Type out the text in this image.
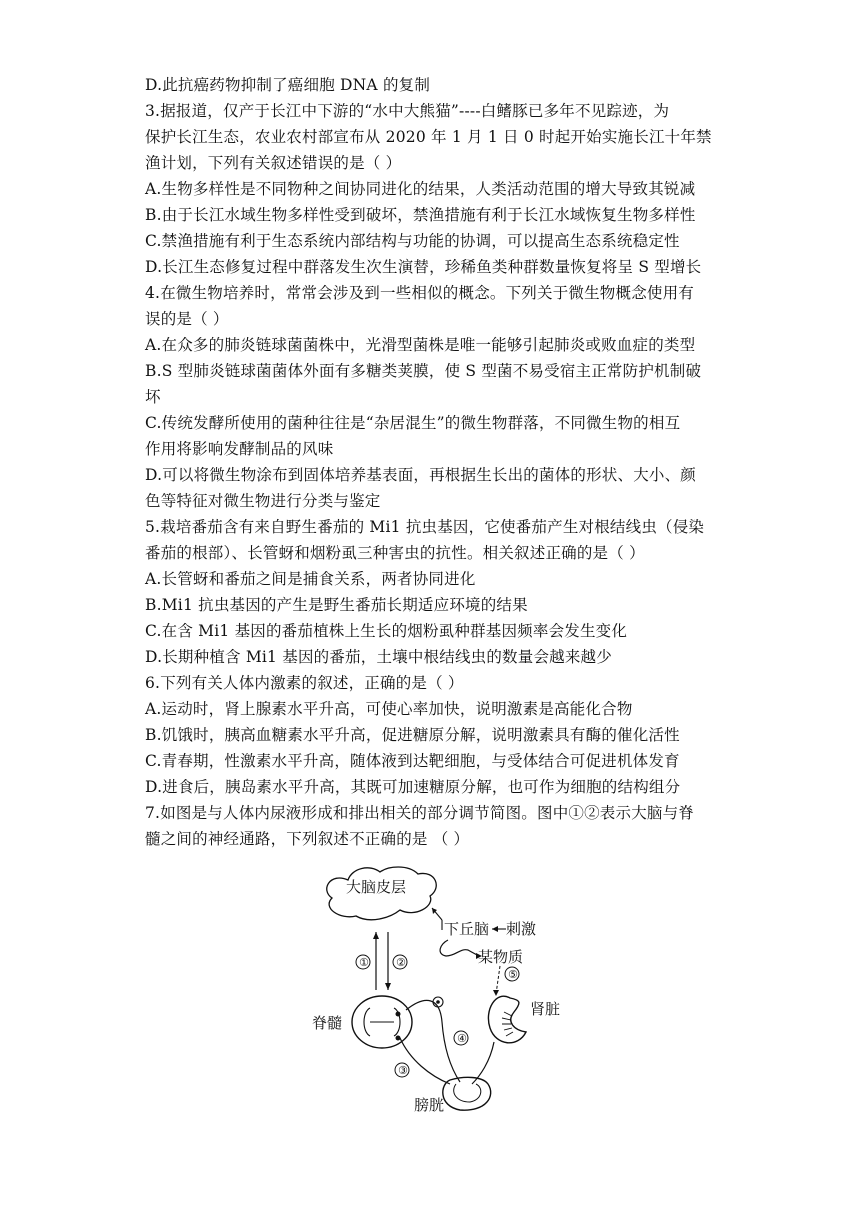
D.此抗癌药物抑制了癌细胞 DNA 的复制
3.据报道，仅产于长江中下游的“水中大熊猫”----白鳍豚已多年不见踪迹，为
保护长江生态，农业农村部宣布从 2020 年 1 月 1 日 0 时起开始实施长江十年禁
渔计划，下列有关叙述错误的是（ ）
A.生物多样性是不同物种之间协同进化的结果，人类活动范围的增大导致其锐减
B.由于长江水域生物多样性受到破坏，禁渔措施有利于长江水域恢复生物多样性
C.禁渔措施有利于生态系统内部结构与功能的协调，可以提高生态系统稳定性
D.长江生态修复过程中群落发生次生演替，珍稀鱼类种群数量恢复将呈 S 型增长
4.在微生物培养时，常常会涉及到一些相似的概念。下列关于微生物概念使用有
误的是（ ）
A.在众多的肺炎链球菌菌株中，光滑型菌株是唯一能够引起肺炎或败血症的类型
B.S 型肺炎链球菌菌体外面有多糖类荚膜，使 S 型菌不易受宿主正常防护机制破
坏
C.传统发酵所使用的菌种往往是“杂居混生”的微生物群落，不同微生物的相互
作用将影响发酵制品的风味
D.可以将微生物涂布到固体培养基表面，再根据生长出的菌体的形状、大小、颜
色等特征对微生物进行分类与鉴定
5.栽培番茄含有来自野生番茄的 Mi1 抗虫基因，它使番茄产生对根结线虫（侵染
番茄的根部）、长管蚜和烟粉虱三种害虫的抗性。相关叙述正确的是（ ）
A.长管蚜和番茄之间是捕食关系，两者协同进化
B.Mi1 抗虫基因的产生是野生番茄长期适应环境的结果
C.在含 Mi1 基因的番茄植株上生长的烟粉虱种群基因频率会发生变化
D.长期种植含 Mi1 基因的番茄，土壤中根结线虫的数量会越来越少
6.下列有关人体内激素的叙述，正确的是（ ）
A.运动时，肾上腺素水平升高，可使心率加快，说明激素是高能化合物
B.饥饿时，胰高血糖素水平升高，促进糖原分解，说明激素具有酶的催化活性
C.青春期，性激素水平升高，随体液到达靶细胞，与受体结合可促进机体发育
D.进食后，胰岛素水平升高，其既可加速糖原分解，也可作为细胞的结构组分
7.如图是与人体内尿液形成和排出相关的部分调节简图。图中①②表示大脑与脊
髓之间的神经通路，下列叙述不正确的是 （ ）
大脑皮层
下丘脑 刺激
某物质
① ②
⑤
脊髓
④
③
肾脏
膀胱
